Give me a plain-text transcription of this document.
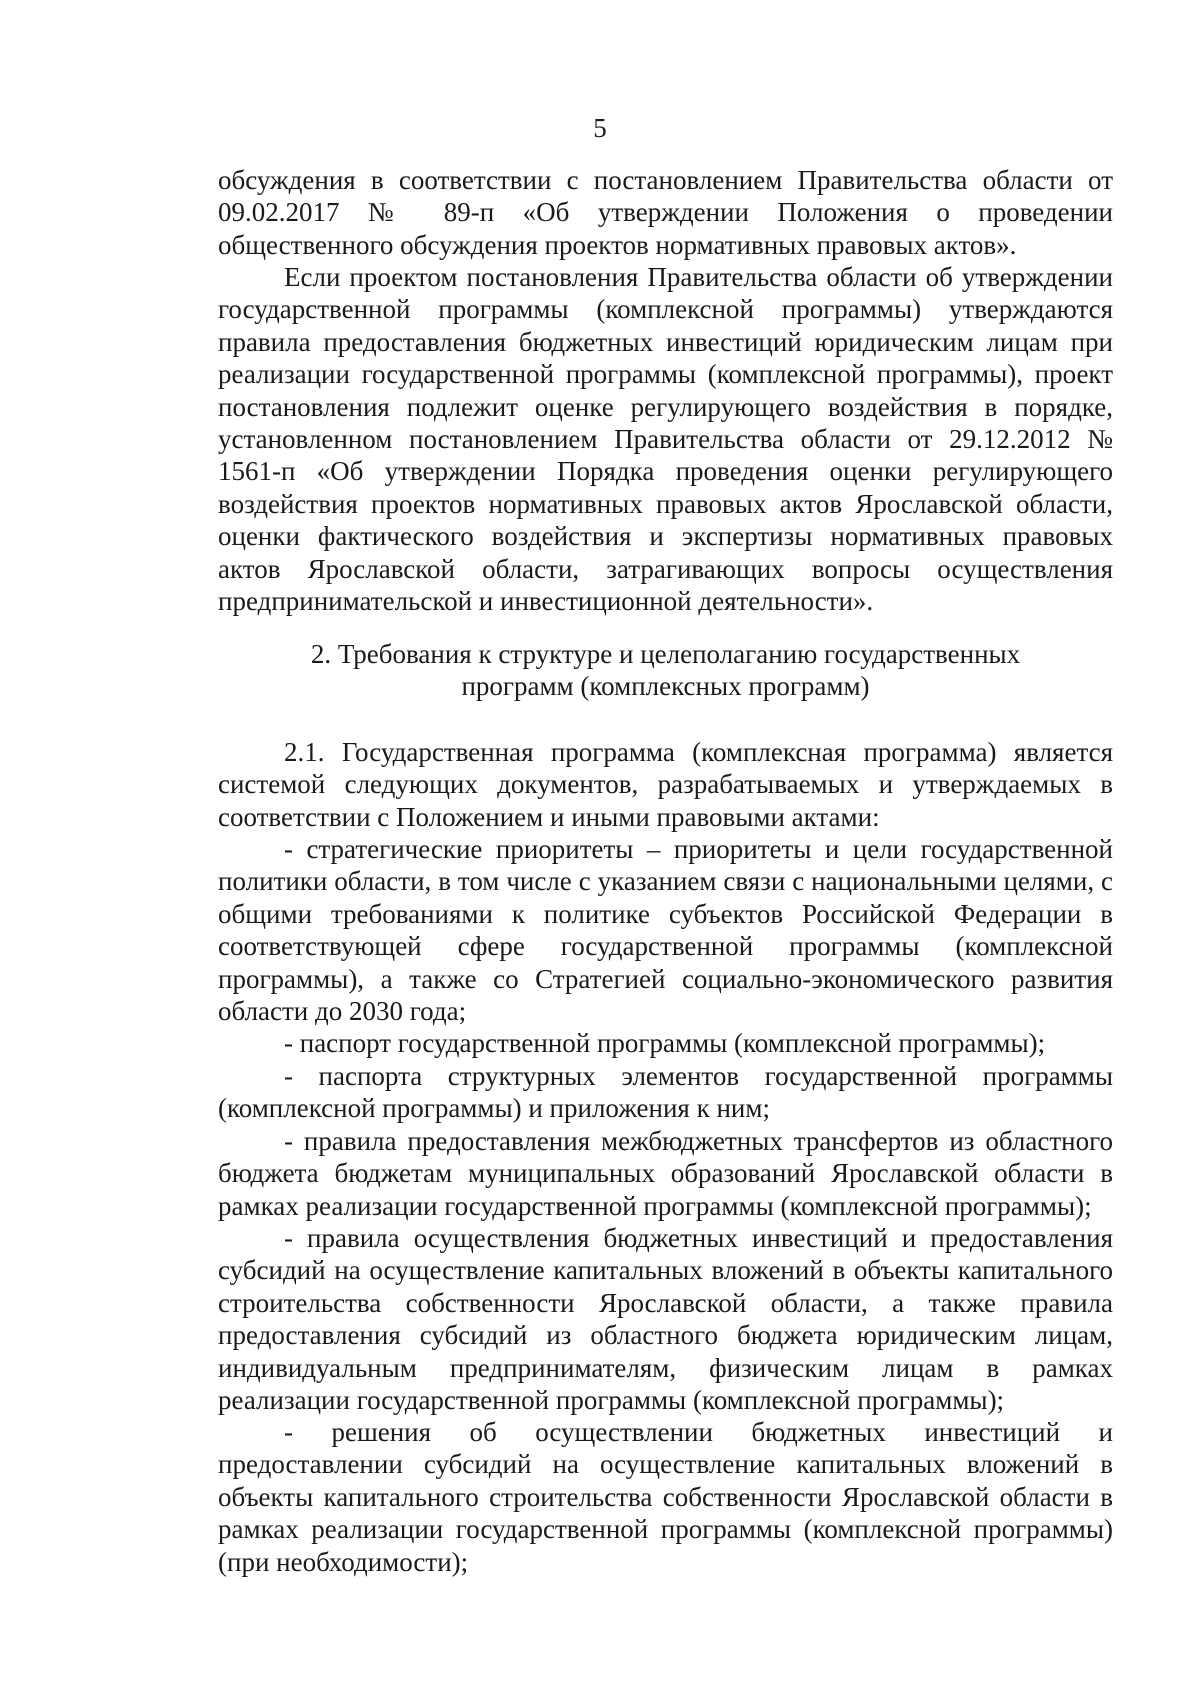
5

обсуждения в соответствии с постановлением Правительства области от 09.02.2017 № 89-п «Об утверждении Положения о проведении общественного обсуждения проектов нормативных правовых актов».

Если проектом постановления Правительства области об утверждении государственной программы (комплексной программы) утверждаются правила предоставления бюджетных инвестиций юридическим лицам при реализации государственной программы (комплексной программы), проект постановления подлежит оценке регулирующего воздействия в порядке, установленном постановлением Правительства области от 29.12.2012 № 1561-п «Об утверждении Порядка проведения оценки регулирующего воздействия проектов нормативных правовых актов Ярославской области, оценки фактического воздействия и экспертизы нормативных правовых актов Ярославской области, затрагивающих вопросы осуществления предпринимательской и инвестиционной деятельности».

2. Требования к структуре и целеполаганию государственных
программ (комплексных программ)

2.1. Государственная программа (комплексная программа) является системой следующих документов, разрабатываемых и утверждаемых в соответствии с Положением и иными правовыми актами:

- стратегические приоритеты – приоритеты и цели государственной политики области, в том числе с указанием связи с национальными целями, с общими требованиями к политике субъектов Российской Федерации в соответствующей сфере государственной программы (комплексной программы), а также со Стратегией социально-экономического развития области до 2030 года;

- паспорт государственной программы (комплексной программы);

- паспорта структурных элементов государственной программы (комплексной программы) и приложения к ним;

- правила предоставления межбюджетных трансфертов из областного бюджета бюджетам муниципальных образований Ярославской области в рамках реализации государственной программы (комплексной программы);

- правила осуществления бюджетных инвестиций и предоставления субсидий на осуществление капитальных вложений в объекты капитального строительства собственности Ярославской области, а также правила предоставления субсидий из областного бюджета юридическим лицам, индивидуальным предпринимателям, физическим лицам в рамках реализации государственной программы (комплексной программы);

- решения об осуществлении бюджетных инвестиций и предоставлении субсидий на осуществление капитальных вложений в объекты капитального строительства собственности Ярославской области в рамках реализации государственной программы (комплексной программы) (при необходимости);
